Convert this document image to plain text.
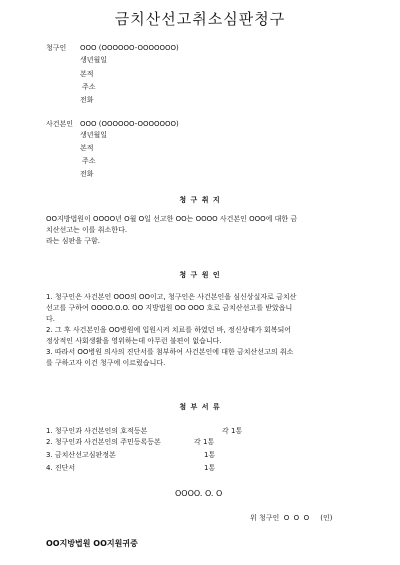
금치산선고취소심판청구
청구인 OOO (OOOOOO-OOOOOOO)
생년월일
본적
주소
전화
사건본인 OOO (OOOOOO-OOOOOOO)
생년월일
본적
주소
전화
청 구 취 지
OO지방법원이 OOOO년 O월 O일 선고한 OO는 OOOO 사건본인 OOO에 대한 금
치산선고는 이를 취소한다.
라는 심판을 구함.
청 구 원 인
1. 청구인은 사건본인 OOO의 OO이고, 청구인은 사건본인을 심신상실자로 금치산
선고를 구하여 OOOO.O.O. OO 지방법원 OO OOO 호로 금치산선고를 받았읍니
다.
2. 그 후 사건본인을 OO병원에 입원시켜 치료를 하였던 바, 정신상태가 회복되어
정상적인 사회생활을 영위하는데 아무런 불편이 없습니다.
3. 따라서 OO병원 의사의 진단서를 첨부하여 사건본인에 대한 금치산선고의 취소
를 구하고자 이건 청구에 이르렀습니다.
첨 부 서 류
1. 청구인과 사건본인의 호적등본	각 1통
2. 청구인과 사건본인의 주민등록등본	각 1통
3. 금치산선고심판정본	1통
4. 진단서	1통
OOOO. O. O
위 청구인  O  O  O     (인)
OO지방법원 OO지원귀중
